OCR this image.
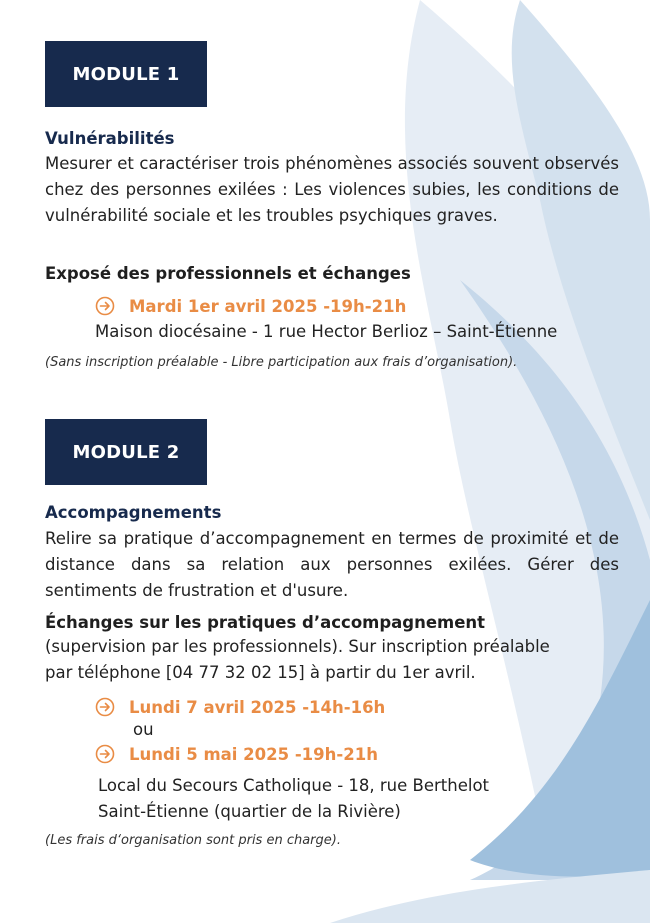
MODULE 1
Vulnérabilités
Mesurer et caractériser trois phénomènes associés souvent observés chez des personnes exilées : Les violences subies, les conditions de vulnérabilité sociale et les troubles psychiques graves.
Exposé des professionnels et échanges
Mardi 1er avril 2025 -19h-21h
Maison diocésaine - 1 rue Hector Berlioz – Saint-Étienne
(Sans inscription préalable - Libre participation aux frais d’organisation).
MODULE 2
Accompagnements
Relire sa pratique d’accompagnement en termes de proximité et de distance dans sa relation aux personnes exilées. Gérer des sentiments de frustration et d'usure.
Échanges sur les pratiques d’accompagnement
(supervision par les professionnels). Sur inscription préalable
par téléphone [04 77 32 02 15] à partir du 1er avril.
Lundi 7 avril 2025 -14h-16h
ou
Lundi 5 mai 2025 -19h-21h
Local du Secours Catholique - 18, rue Berthelot
Saint-Étienne (quartier de la Rivière)
(Les frais d‘organisation sont pris en charge).
